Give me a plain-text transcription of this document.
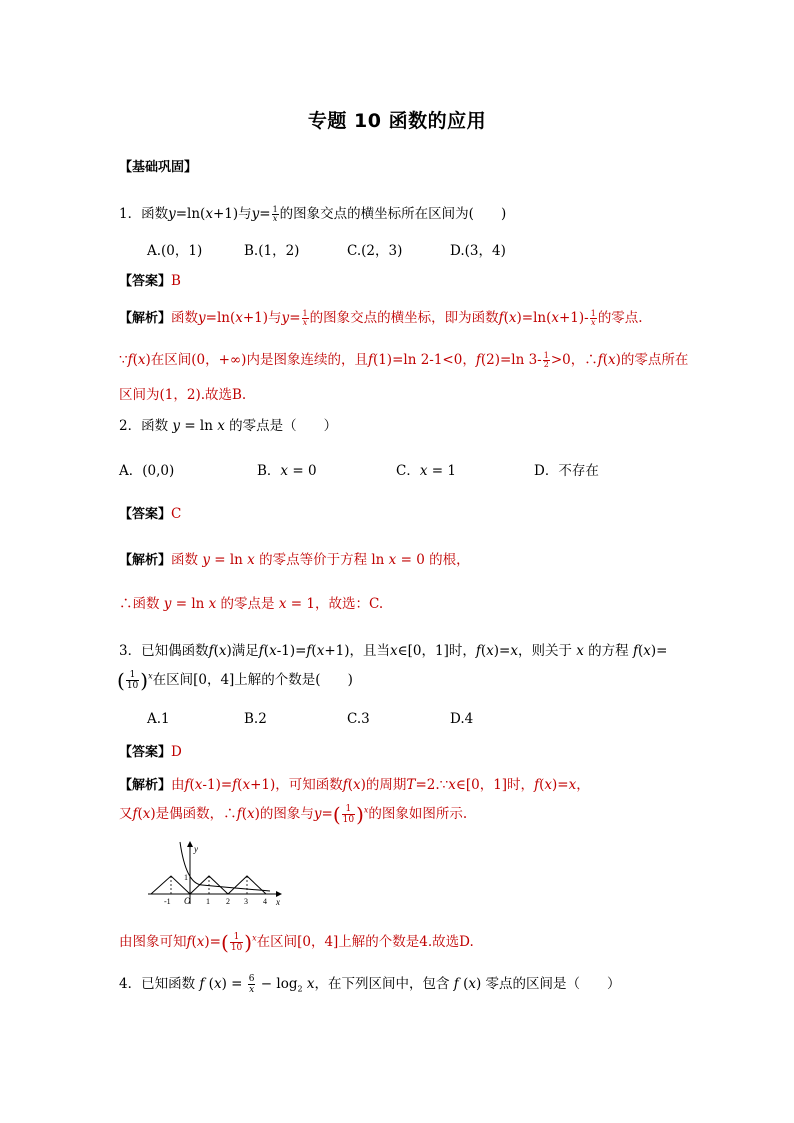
专题 10 函数的应用
【基础巩固】
1．函数y=ln(x+1)与$y= \frac{1}{x}$ 的图象交点的横坐标所在区间为(　　)
A.(0，1)	B.(1，2)	C.(2，3)	D.(3，4)
【答案】B
【解析】函数y=ln(x+1)与$y= \frac{1}{x}$ 的图象交点的横坐标，即为函数$f(x)=\ln(x+1)- \frac{1}{x}$ 的零点.
∵f(x)在区间(0，+∞)内是图象连续的，且f(1)=ln 2-1<0，f(2)=ln $3- \frac{1}{2} >0$，∴f(x)的零点所在
区间为(1，2).故选B.
2．函数 y = ln x 的零点是（　　）
A．(0,0)	B．x = 0	C．x = 1	D．不存在
【答案】C
【解析】函数 y = ln x 的零点等价于方程 ln x = 0 的根，
∴函数 y = ln x 的零点是 x = 1，故选：C.
3．已知偶函数f(x)满足f(x-1)=f(x+1)，且当x∈[0，1]时，f(x)=x，则关于 x 的方程 f(x)=
( $\frac{1}{10} )^x$在区间[0，4]上解的个数是(　　)
A.1	B.2	C.3	D.4
【答案】D
【解析】由f(x-1)=f(x+1)，可知函数f(x)的周期T=2.∵x∈[0，1]时，f(x)=x，
又f(x)是偶函数，∴f(x)的图象与$y=( \frac{1}{10} )^x$的图象如图所示.
y
x
1
O
-1	1 2 3 4
由图象可知$f(x)=( \frac{1}{10} )^x$在区间[0，4]上解的个数是4.故选D.
4．已知函数 f $(x) = \frac{6}{x} - \log_2 x$，在下列区间中，包含 f (x) 零点的区间是（　　）
